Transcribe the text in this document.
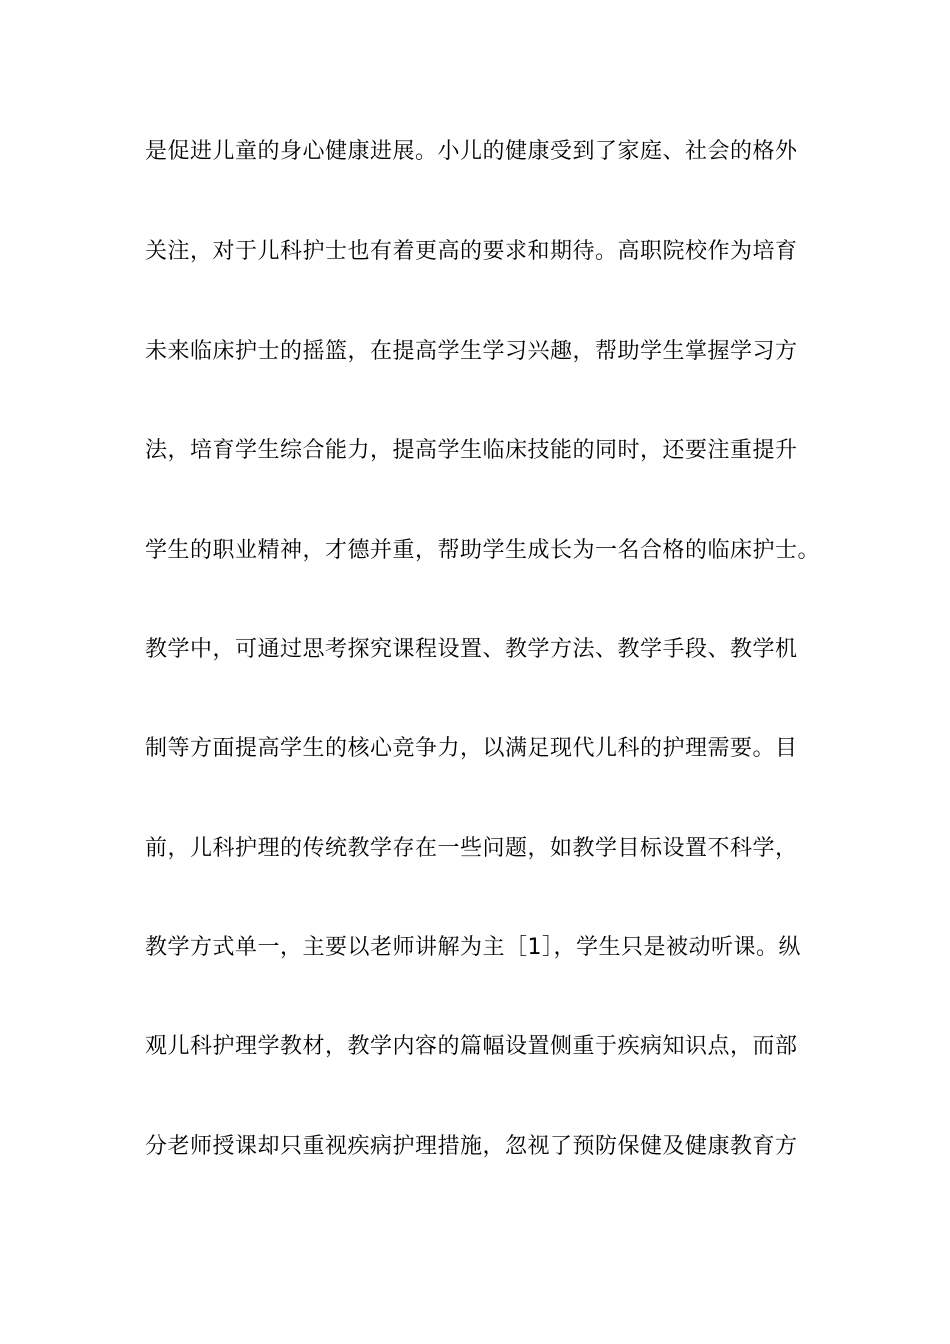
是促进儿童的身心健康进展。小儿的健康受到了家庭、社会的格外

关注，对于儿科护士也有着更高的要求和期待。高职院校作为培育

未来临床护士的摇篮，在提高学生学习兴趣，帮助学生掌握学习方

法，培育学生综合能力，提高学生临床技能的同时，还要注重提升

学生的职业精神，才德并重，帮助学生成长为一名合格的临床护士。

教学中，可通过思考探究课程设置、教学方法、教学手段、教学机

制等方面提高学生的核心竞争力，以满足现代儿科的护理需要。目

前，儿科护理的传统教学存在一些问题，如教学目标设置不科学，

教学方式单一，主要以老师讲解为主［1］，学生只是被动听课。纵

观儿科护理学教材，教学内容的篇幅设置侧重于疾病知识点，而部

分老师授课却只重视疾病护理措施，忽视了预防保健及健康教育方
